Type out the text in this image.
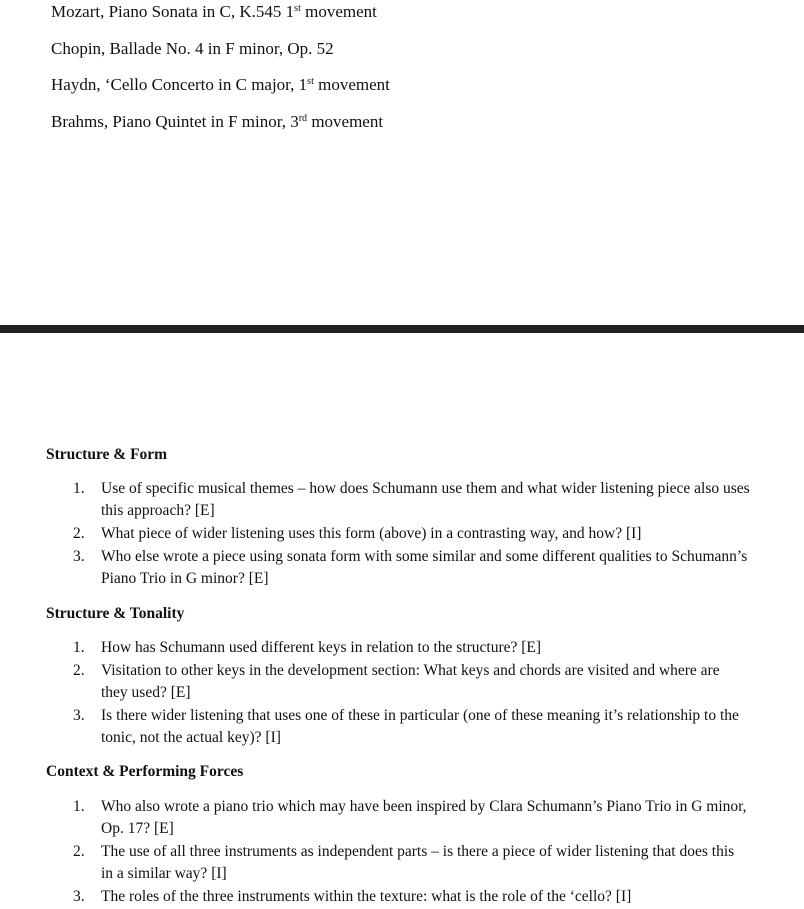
Mozart, Piano Sonata in C, K.545 1st movement
Chopin, Ballade No. 4 in F minor, Op. 52
Haydn, ‘Cello Concerto in C major, 1st movement
Brahms, Piano Quintet in F minor, 3rd movement
Structure & Form
1. Use of specific musical themes – how does Schumann use them and what wider listening piece also uses this approach? [E]
2. What piece of wider listening uses this form (above) in a contrasting way, and how? [I]
3. Who else wrote a piece using sonata form with some similar and some different qualities to Schumann’s Piano Trio in G minor? [E]
Structure & Tonality
1. How has Schumann used different keys in relation to the structure? [E]
2. Visitation to other keys in the development section: What keys and chords are visited and where are they used? [E]
3. Is there wider listening that uses one of these in particular (one of these meaning it’s relationship to the tonic, not the actual key)? [I]
Context & Performing Forces
1. Who also wrote a piano trio which may have been inspired by Clara Schumann’s Piano Trio in G minor, Op. 17? [E]
2. The use of all three instruments as independent parts – is there a piece of wider listening that does this in a similar way? [I]
3. The roles of the three instruments within the texture: what is the role of the ‘cello? [I]
